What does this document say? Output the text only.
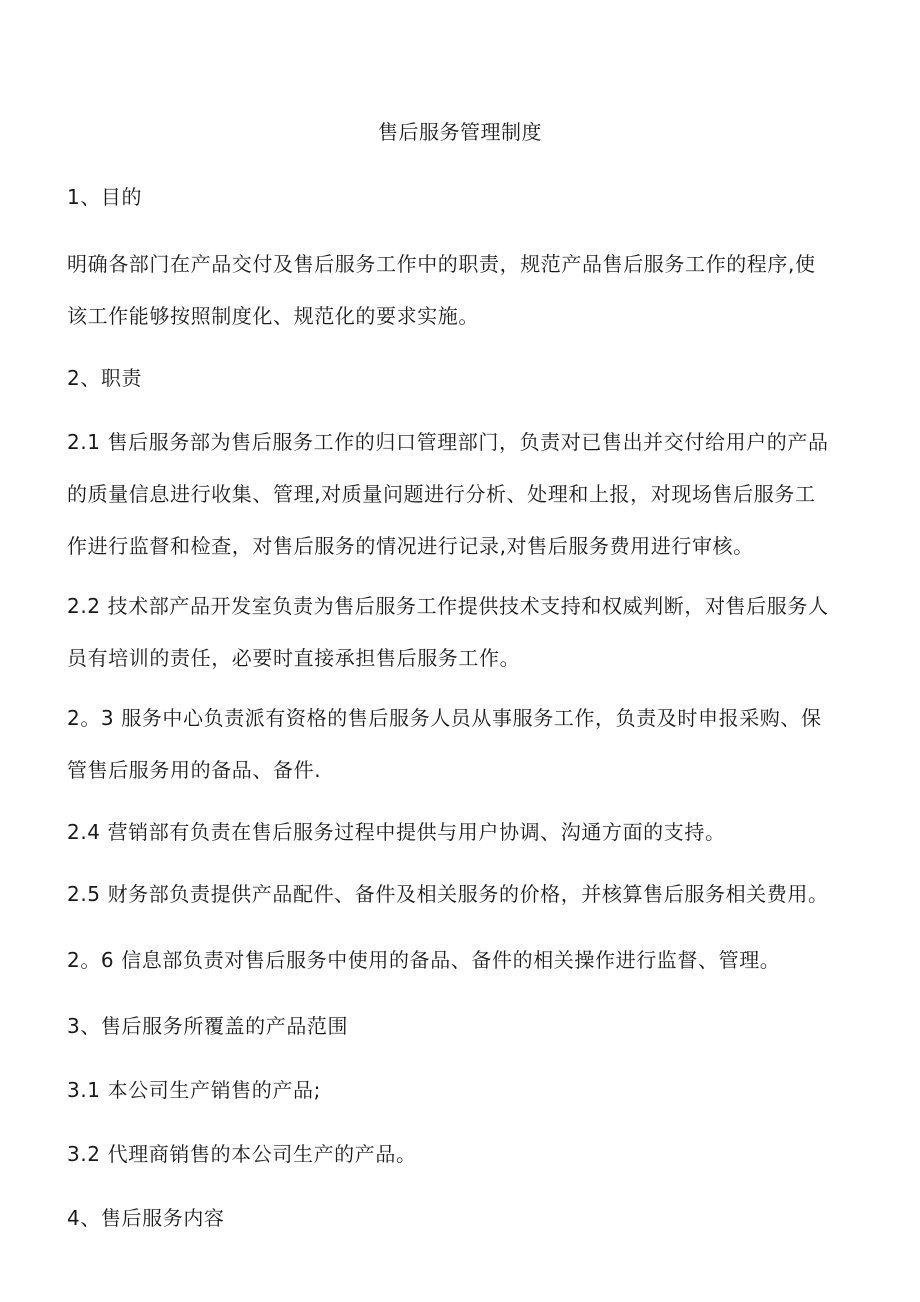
售后服务管理制度
1、目的
明确各部门在产品交付及售后服务工作中的职责，规范产品售后服务工作的程序,使
该工作能够按照制度化、规范化的要求实施。
2、职责
2.1 售后服务部为售后服务工作的归口管理部门，负责对已售出并交付给用户的产品
的质量信息进行收集、管理,对质量问题进行分析、处理和上报，对现场售后服务工
作进行监督和检查，对售后服务的情况进行记录,对售后服务费用进行审核。
2.2 技术部产品开发室负责为售后服务工作提供技术支持和权威判断，对售后服务人
员有培训的责任，必要时直接承担售后服务工作。
2。3 服务中心负责派有资格的售后服务人员从事服务工作，负责及时申报采购、保
管售后服务用的备品、备件.
2.4 营销部有负责在售后服务过程中提供与用户协调、沟通方面的支持。
2.5 财务部负责提供产品配件、备件及相关服务的价格，并核算售后服务相关费用。
2。6 信息部负责对售后服务中使用的备品、备件的相关操作进行监督、管理。
3、售后服务所覆盖的产品范围
3.1 本公司生产销售的产品;
3.2 代理商销售的本公司生产的产品。
4、售后服务内容
